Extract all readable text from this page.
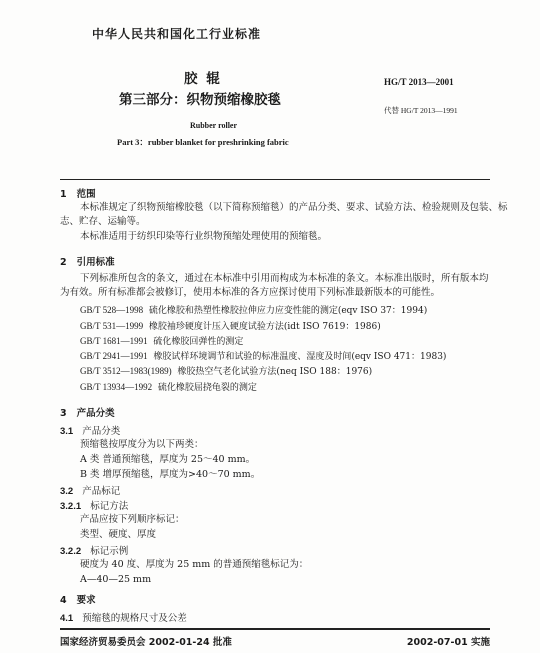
中华人民共和国化工行业标准
胶 辊
第三部分：织物预缩橡胶毯
HG/T 2013—2001
代替 HG/T 2013—1991
Rubber roller
Part 3：rubber blanket for preshrinking fabric
1 范围
本标准规定了织物预缩橡胶毯（以下简称预缩毯）的产品分类、要求、试验方法、检验规则及包装、标
志、贮存、运输等。
本标准适用于纺织印染等行业织物预缩处理使用的预缩毯。
2 引用标准
下列标准所包含的条文，通过在本标准中引用而构成为本标准的条文。本标准出版时，所有版本均
为有效。所有标准都会被修订，使用本标准的各方应探讨使用下列标准最新版本的可能性。
GB/T 528—1998 硫化橡胶和热塑性橡胶拉伸应力应变性能的测定(eqv ISO 37：1994)
GB/T 531—1999 橡胶袖珍硬度计压入硬度试验方法(idt ISO 7619：1986)
GB/T 1681—1991 硫化橡胶回弹性的测定
GB/T 2941—1991 橡胶试样环境调节和试验的标准温度、湿度及时间(eqv ISO 471：1983)
GB/T 3512—1983(1989) 橡胶热空气老化试验方法(neq ISO 188：1976)
GB/T 13934—1992 硫化橡胶屈挠龟裂的测定
3 产品分类
3.1 产品分类
预缩毯按厚度分为以下两类：
A 类 普通预缩毯，厚度为 25～40 mm。
B 类 增厚预缩毯，厚度为>40～70 mm。
3.2 产品标记
3.2.1 标记方法
产品应按下列顺序标记：
类型、硬度、厚度
3.2.2 标记示例
硬度为 40 度、厚度为 25 mm 的普通预缩毯标记为：
A—40—25 mm
4 要求
4.1 预缩毯的规格尺寸及公差
国家经济贸易委员会 2002-01-24 批准	2002-07-01 实施
